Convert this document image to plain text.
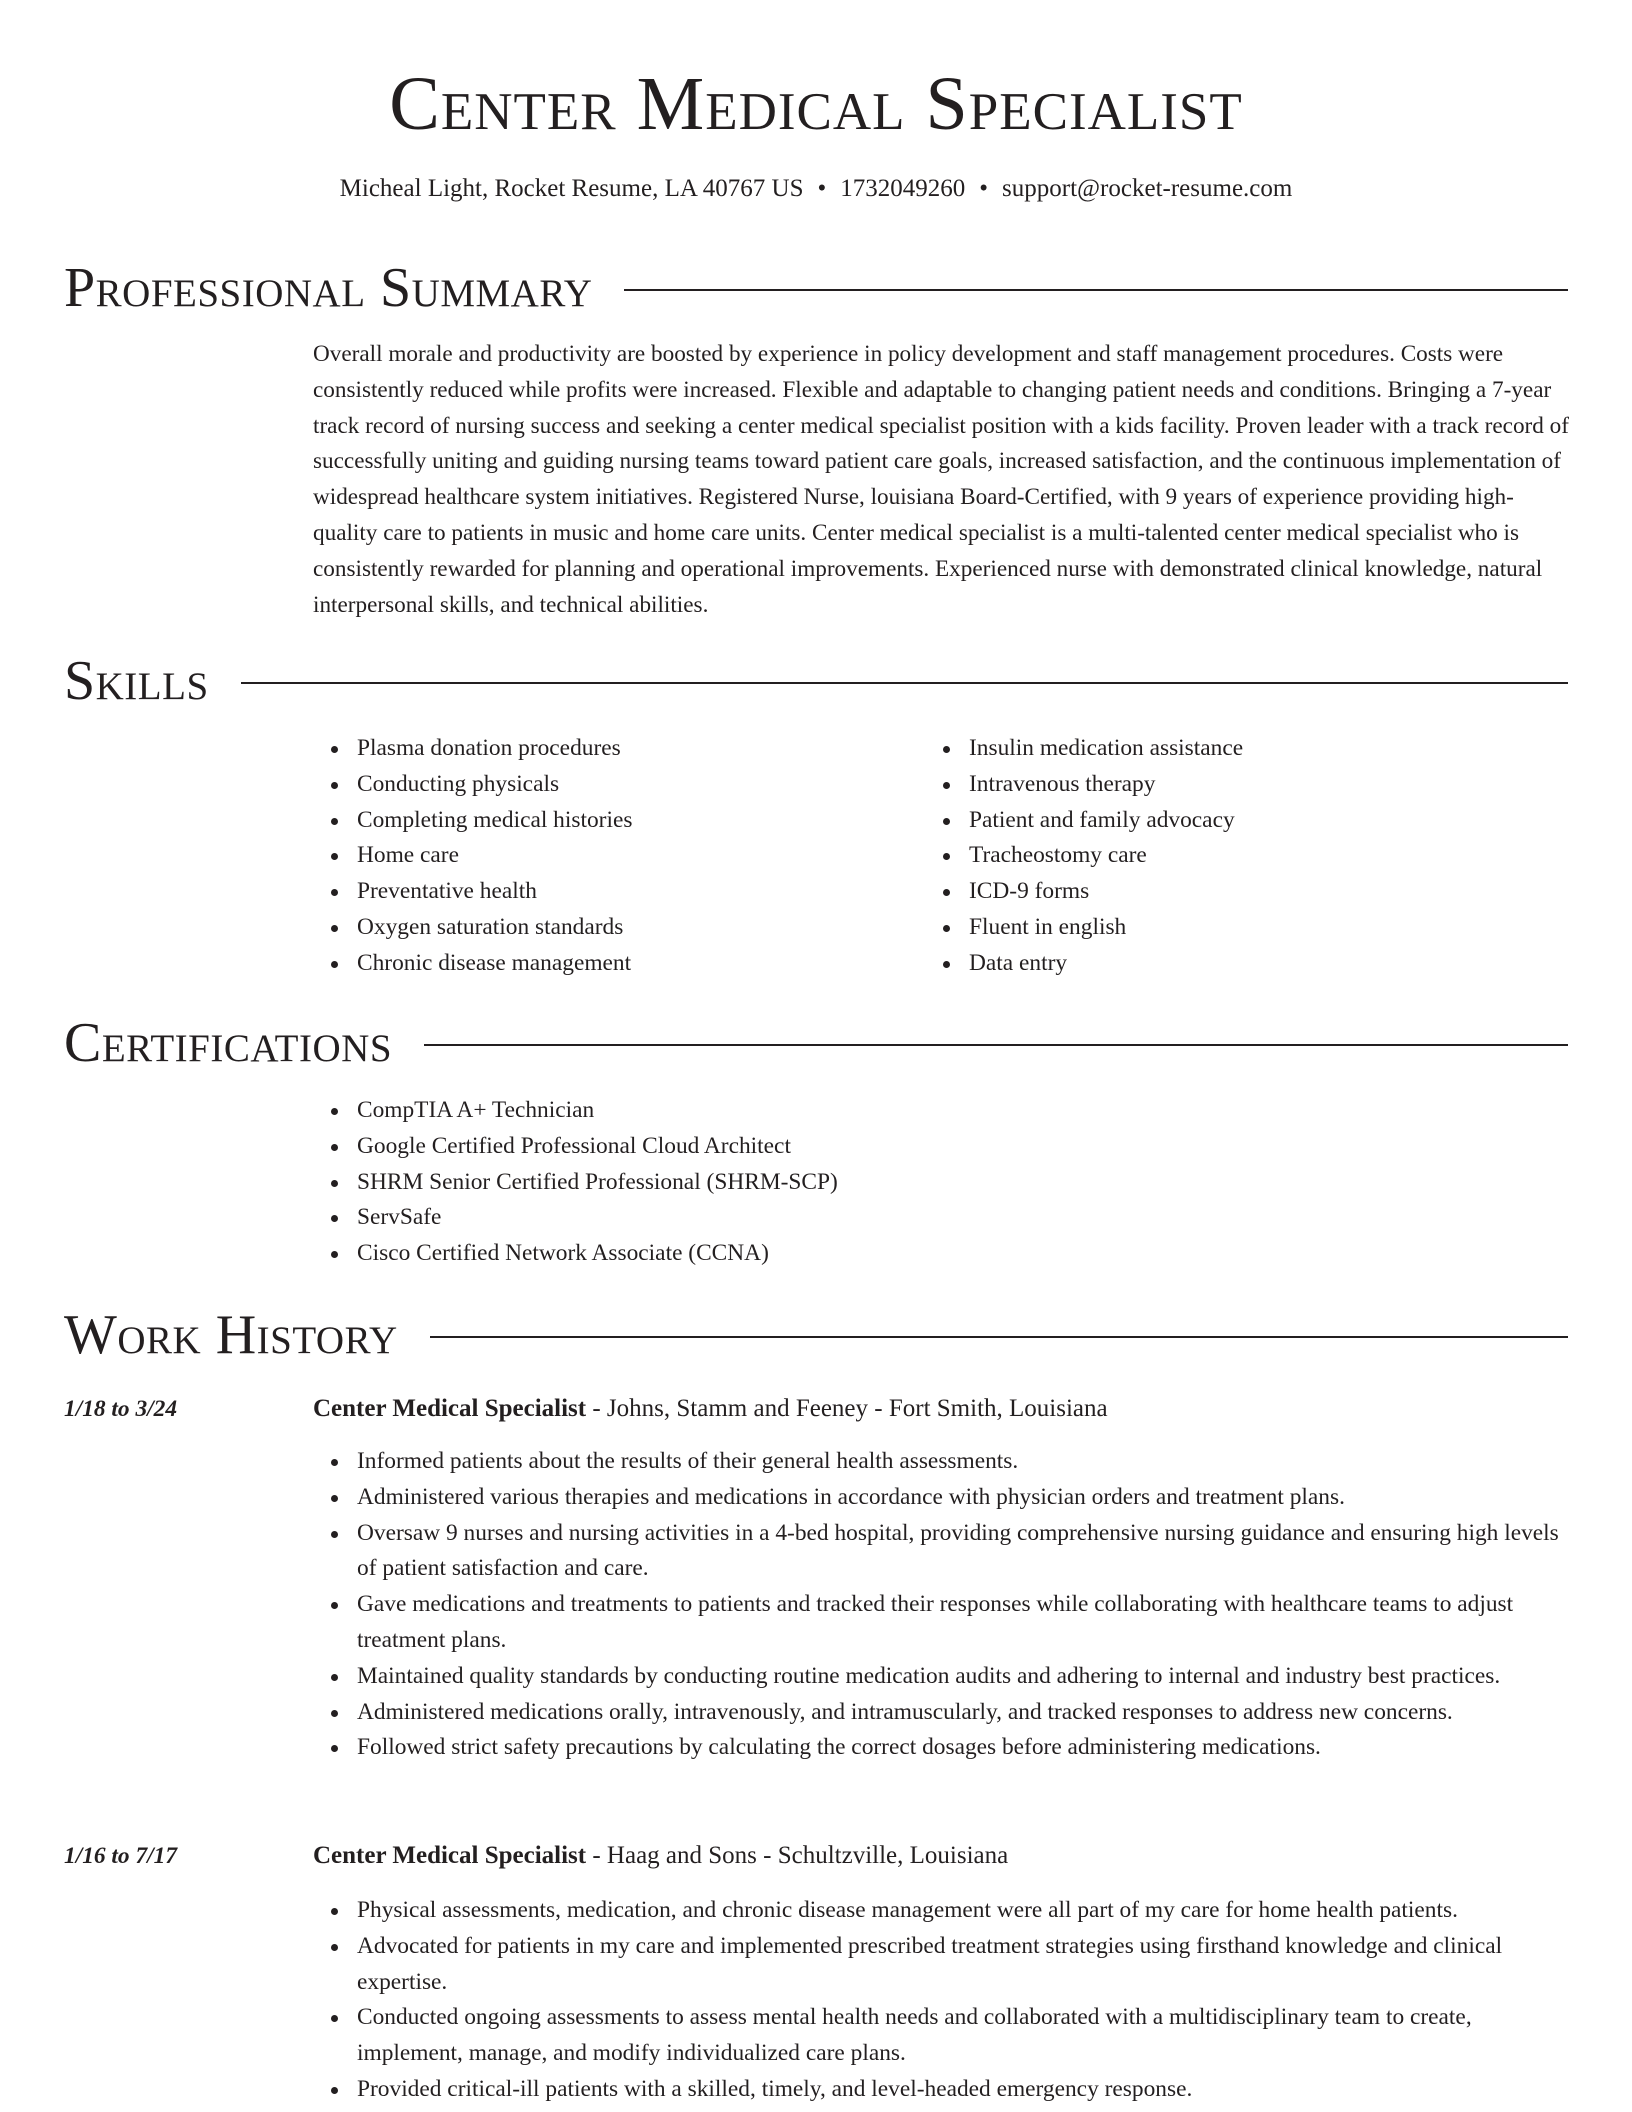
Center Medical Specialist
Micheal Light, Rocket Resume, LA 40767 US • 1732049260 • support@rocket-resume.com
Professional Summary

Overall morale and productivity are boosted by experience in policy development and staff management procedures. Costs were consistently reduced while profits were increased. Flexible and adaptable to changing patient needs and conditions. Bringing a 7-year track record of nursing success and seeking a center medical specialist position with a kids facility. Proven leader with a track record of successfully uniting and guiding nursing teams toward patient care goals, increased satisfaction, and the continuous implementation of widespread healthcare system initiatives. Registered Nurse, louisiana Board-Certified, with 9 years of experience providing high-quality care to patients in music and home care units. Center medical specialist is a multi-talented center medical specialist who is consistently rewarded for planning and operational improvements. Experienced nurse with demonstrated clinical knowledge, natural interpersonal skills, and technical abilities.

Skills
Plasma donation procedures
Conducting physicals
Completing medical histories
Home care
Preventative health
Oxygen saturation standards
Chronic disease management
Insulin medication assistance
Intravenous therapy
Patient and family advocacy
Tracheostomy care
ICD-9 forms
Fluent in english
Data entry
Certifications
CompTIA A+ Technician
Google Certified Professional Cloud Architect
SHRM Senior Certified Professional (SHRM-SCP)
ServSafe
Cisco Certified Network Associate (CCNA)
Work History
1/18 to 3/24	Center Medical Specialist - Johns, Stamm and Feeney - Fort Smith, Louisiana
Informed patients about the results of their general health assessments.
Administered various therapies and medications in accordance with physician orders and treatment plans.
Oversaw 9 nurses and nursing activities in a 4-bed hospital, providing comprehensive nursing guidance and ensuring high levels of patient satisfaction and care.
Gave medications and treatments to patients and tracked their responses while collaborating with healthcare teams to adjust treatment plans.
Maintained quality standards by conducting routine medication audits and adhering to internal and industry best practices.
Administered medications orally, intravenously, and intramuscularly, and tracked responses to address new concerns.
Followed strict safety precautions by calculating the correct dosages before administering medications.
1/16 to 7/17	Center Medical Specialist - Haag and Sons - Schultzville, Louisiana
Physical assessments, medication, and chronic disease management were all part of my care for home health patients.
Advocated for patients in my care and implemented prescribed treatment strategies using firsthand knowledge and clinical expertise.
Conducted ongoing assessments to assess mental health needs and collaborated with a multidisciplinary team to create, implement, manage, and modify individualized care plans.
Provided critical-ill patients with a skilled, timely, and level-headed emergency response.
